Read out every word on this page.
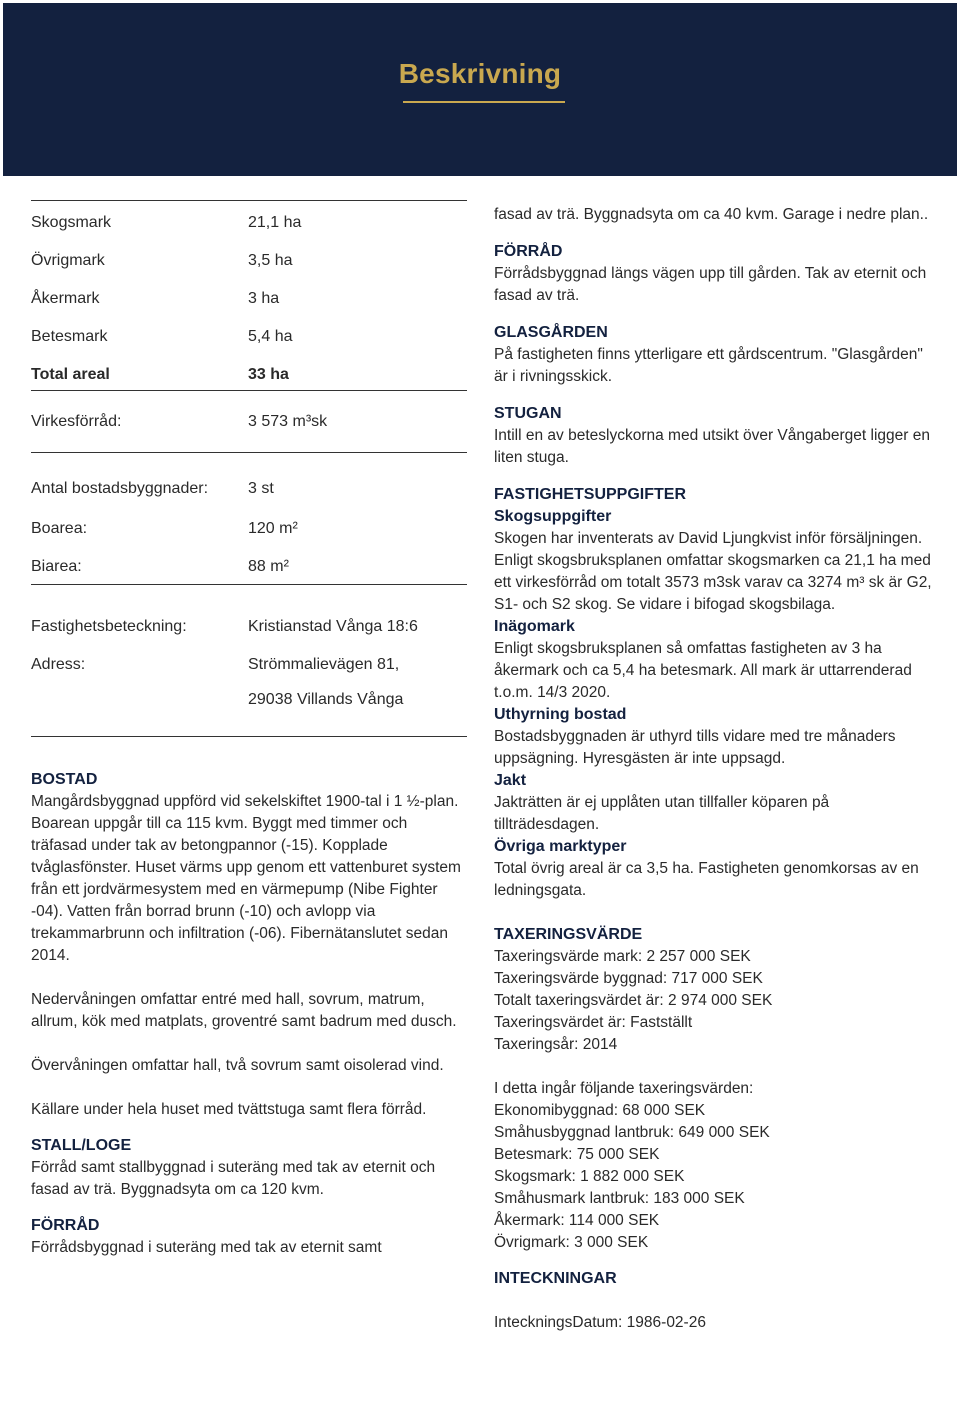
Beskrivning
Skogsmark	21,1 ha
Övrigmark	3,5 ha
Åkermark	3 ha
Betesmark	5,4 ha
Total areal	33 ha
Virkesförråd:	3 573 m³sk
Antal bostadsbyggnader: 3 st
Boarea:	120 m²
Biarea:	88 m²
Fastighetsbeteckning:	Kristianstad Vånga 18:6
Adress:	Strömmalievägen 81,
29038 Villands Vånga
BOSTAD
Mangårdsbyggnad uppförd vid sekelskiftet 1900-tal i 1 ½-plan. Boarean uppgår till ca 115 kvm. Byggt med timmer och träfasad under tak av betongpannor (-15). Kopplade tvåglasfönster. Huset värms upp genom ett vattenburet system från ett jordvärmesystem med en värmepump (Nibe Fighter -04). Vatten från borrad brunn (-10) och avlopp via trekammarbrunn och infiltration (-06). Fibernätanslutet sedan 2014.
Nedervåningen omfattar entré med hall, sovrum, matrum, allrum, kök med matplats, groventré samt badrum med dusch.
Övervåningen omfattar hall, två sovrum samt oisolerad vind.
Källare under hela huset med tvättstuga samt flera förråd.
STALL/LOGE
Förråd samt stallbyggnad i suteräng med tak av eternit och fasad av trä. Byggnadsyta om ca 120 kvm.
FÖRRÅD
Förrådsbyggnad i suteräng med tak av eternit samt
fasad av trä. Byggnadsyta om ca 40 kvm. Garage i nedre plan..
FÖRRÅD
Förrådsbyggnad längs vägen upp till gården. Tak av eternit och fasad av trä.
GLASGÅRDEN
På fastigheten finns ytterligare ett gårdscentrum. "Glasgården" är i rivningsskick.
STUGAN
Intill en av beteslyckorna med utsikt över Vångaberget ligger en liten stuga.
FASTIGHETSUPPGIFTER
Skogsuppgifter
Skogen har inventerats av David Ljungkvist inför försäljningen. Enligt skogsbruksplanen omfattar skogsmarken ca 21,1 ha med ett virkesförråd om totalt 3573 m3sk varav ca 3274 m³ sk är G2, S1- och S2 skog. Se vidare i bifogad skogsbilaga.
Inägomark
Enligt skogsbruksplanen så omfattas fastigheten av 3 ha åkermark och ca 5,4 ha betesmark. All mark är uttarrenderad t.o.m. 14/3 2020.
Uthyrning bostad
Bostadsbyggnaden är uthyrd tills vidare med tre månaders uppsägning. Hyresgästen är inte uppsagd.
Jakt
Jakträtten är ej upplåten utan tillfaller köparen på tillträdesdagen.
Övriga marktyper
Total övrig areal är ca 3,5 ha. Fastigheten genomkorsas av en ledningsgata.
TAXERINGSVÄRDE
Taxeringsvärde mark: 2 257 000 SEK
Taxeringsvärde byggnad: 717 000 SEK
Totalt taxeringsvärdet är: 2 974 000 SEK
Taxeringsvärdet är: Fastställt
Taxeringsår: 2014
I detta ingår följande taxeringsvärden:
Ekonomibyggnad: 68 000 SEK
Småhusbyggnad lantbruk: 649 000 SEK
Betesmark: 75 000 SEK
Skogsmark: 1 882 000 SEK
Småhusmark lantbruk: 183 000 SEK
Åkermark: 114 000 SEK
Övrigmark: 3 000 SEK
INTECKNINGAR
InteckningsDatum: 1986-02-26
